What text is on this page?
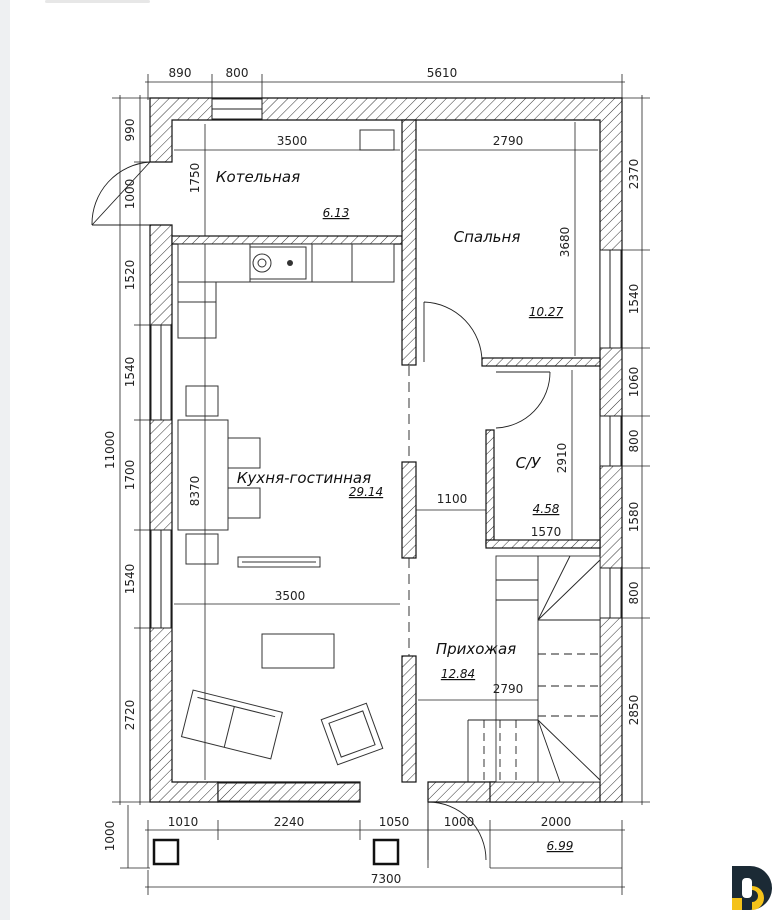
890	800	5610
1010	2240	1050	1000	2000
7300
6.99
990
1000
1520
1540
1700
1540
2720
11000
1000
2370
1540
1060
800
1580
800
2850
3500
1750
2790
3680
2910
1570
1100
3500
8370
2790
Котельная
6.13
Спальня
10.27
С/У
4.58
Кухня-гостинная
29.14
Прихожая
12.84
